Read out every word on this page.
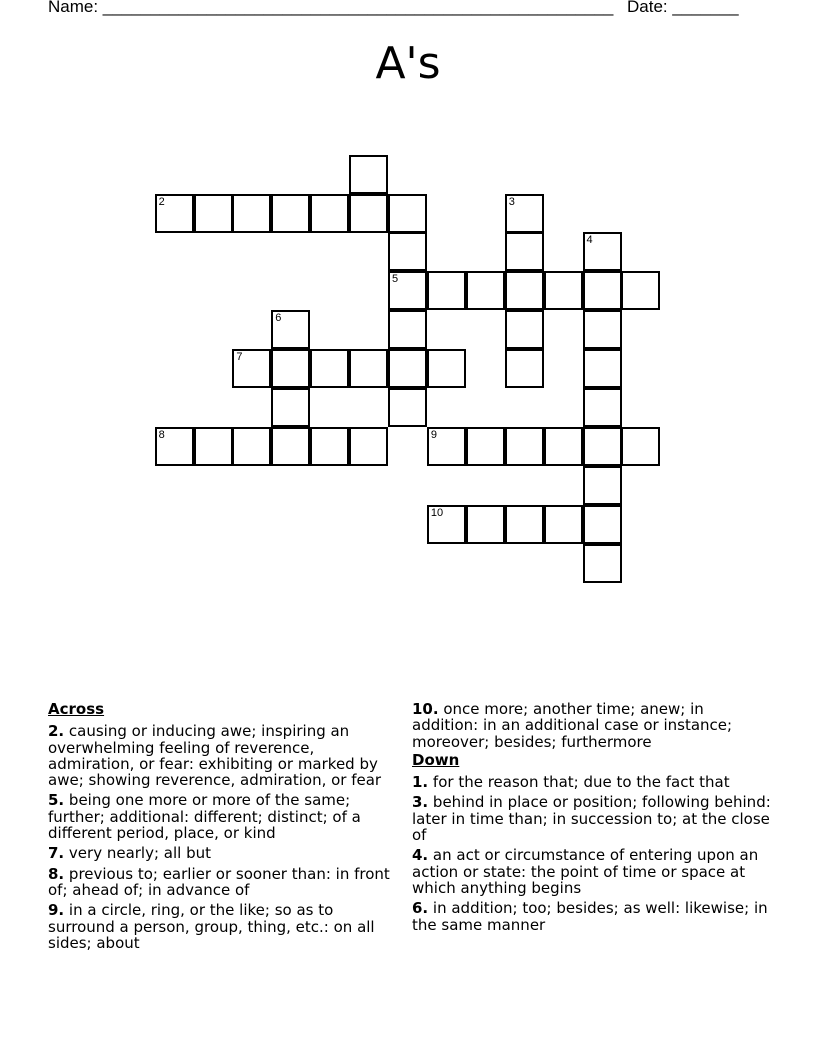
Name: ______________________________________________________ Date: _______
A's
2	3
4
5
6
7
8	9
10
Across
2. causing or inducing awe; inspiring an overwhelming feeling of reverence, admiration, or fear: exhibiting or marked by awe; showing reverence, admiration, or fear
5. being one more or more of the same; further; additional: different; distinct; of a different period, place, or kind
7. very nearly; all but
8. previous to; earlier or sooner than: in front of; ahead of; in advance of
9. in a circle, ring, or the like; so as to surround a person, group, thing, etc.: on all sides; about
10. once more; another time; anew; in addition: in an additional case or instance; moreover; besides; furthermore
Down
1. for the reason that; due to the fact that
3. behind in place or position; following behind: later in time than; in succession to; at the close of
4. an act or circumstance of entering upon an action or state: the point of time or space at which anything begins
6. in addition; too; besides; as well: likewise; in the same manner
